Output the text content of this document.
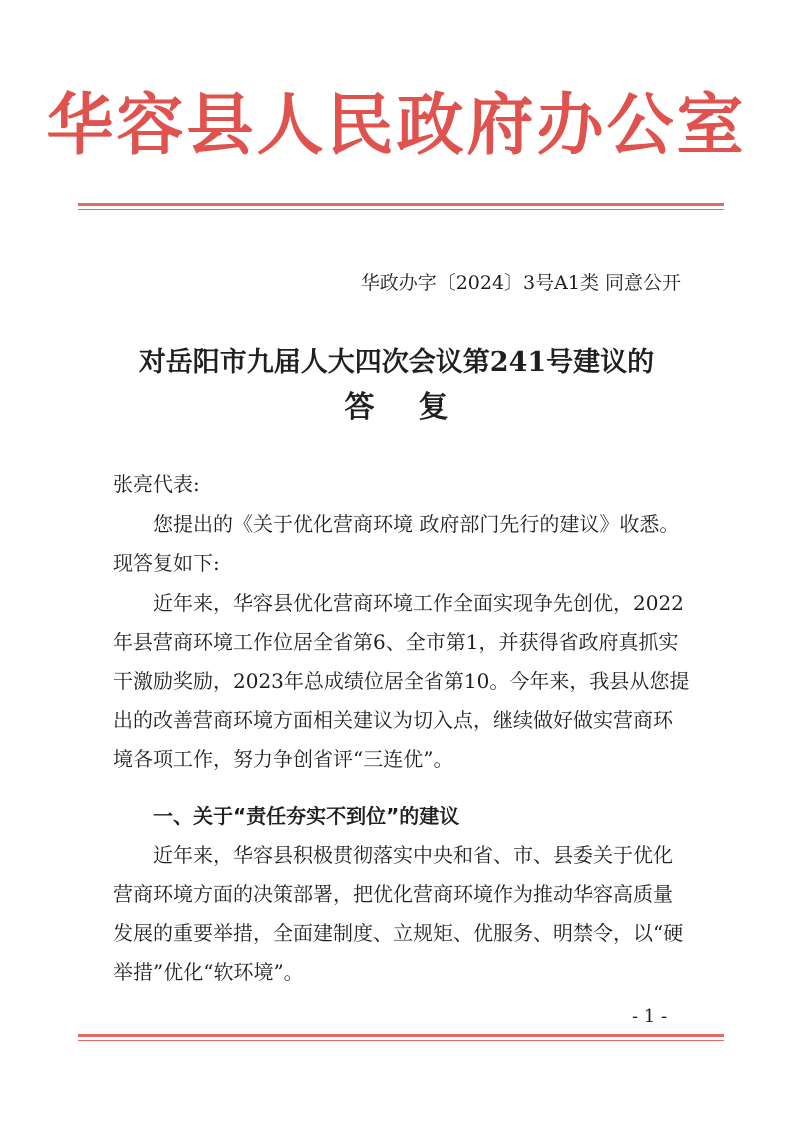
华容县人民政府办公室
华政办字〔2024〕3号A1类 同意公开
对岳阳市九届人大四次会议第241号建议的
答 复
张亮代表:
您提出的《关于优化营商环境 政府部门先行的建议》收悉。现答复如下:
近年来，华容县优化营商环境工作全面实现争先创优，2022年县营商环境工作位居全省第6、全市第1，并获得省政府真抓实干激励奖励，2023年总成绩位居全省第10。今年来，我县从您提出的改善营商环境方面相关建议为切入点，继续做好做实营商环境各项工作，努力争创省评“三连优”。
一、关于“责任夯实不到位”的建议
近年来，华容县积极贯彻落实中央和省、市、县委关于优化营商环境方面的决策部署，把优化营商环境作为推动华容高质量发展的重要举措，全面建制度、立规矩、优服务、明禁令，以“硬举措”优化“软环境”。
- 1 -
